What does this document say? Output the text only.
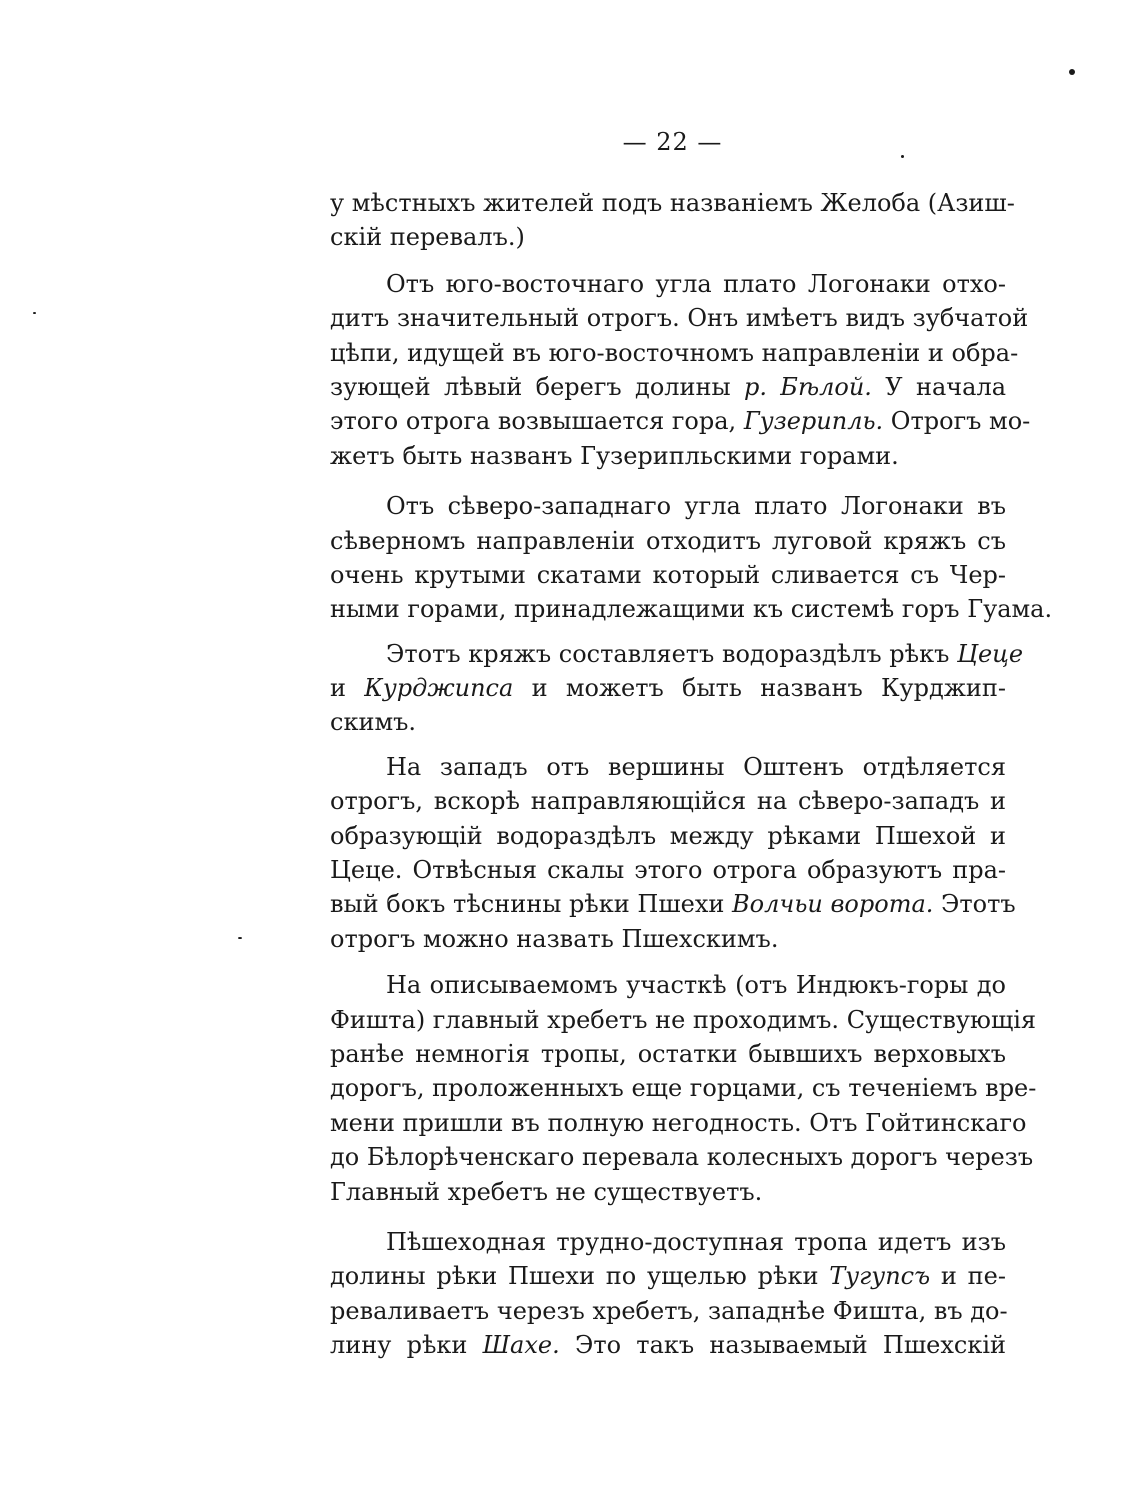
— 22 —
у мѣстныхъ жителей подъ названіемъ Желоба (Азиш-
скій перевалъ.)
Отъ юго-восточнаго угла плато Логонаки отхо-
дитъ значительный отрогъ. Онъ имѣетъ видъ зубчатой
цѣпи, идущей въ юго-восточномъ направленіи и обра-
зующей лѣвый берегъ долины р. Бѣлой. У начала
этого отрога возвышается гора, Гузерипль. Отрогъ мо-
жетъ быть названъ Гузерипльскими горами.
Отъ сѣверо-западнаго угла плато Логонаки въ
сѣверномъ направленіи отходитъ луговой кряжъ съ
очень крутыми скатами который сливается съ Чер-
ными горами, принадлежащими къ системѣ горъ Гуама.
Этотъ кряжъ составляетъ водораздѣлъ рѣкъ Цеце
и Курджипса и можетъ быть названъ Курджип-
скимъ.
На западъ отъ вершины Оштенъ отдѣляется
отрогъ, вскорѣ направляющійся на сѣверо-западъ и
образующій водораздѣлъ между рѣками Пшехой и
Цеце. Отвѣсныя скалы этого отрога образуютъ пра-
вый бокъ тѣснины рѣки Пшехи Волчьи ворота. Этотъ
отрогъ можно назвать Пшехскимъ.
На описываемомъ участкѣ (отъ Индюкъ-горы до
Фишта) главный хребетъ не проходимъ. Существующія
ранѣе немногія тропы, остатки бывшихъ верховыхъ
дорогъ, проложенныхъ еще горцами, съ теченіемъ вре-
мени пришли въ полную негодность. Отъ Гойтинскаго
до Бѣлорѣченскаго перевала колесныхъ дорогъ черезъ
Главный хребетъ не существуетъ.
Пѣшеходная трудно-доступная тропа идетъ изъ
долины рѣки Пшехи по ущелью рѣки Тугупсъ и пе-
реваливаетъ черезъ хребетъ, западнѣе Фишта, въ до-
лину рѣки Шахе. Это такъ называемый Пшехскій
